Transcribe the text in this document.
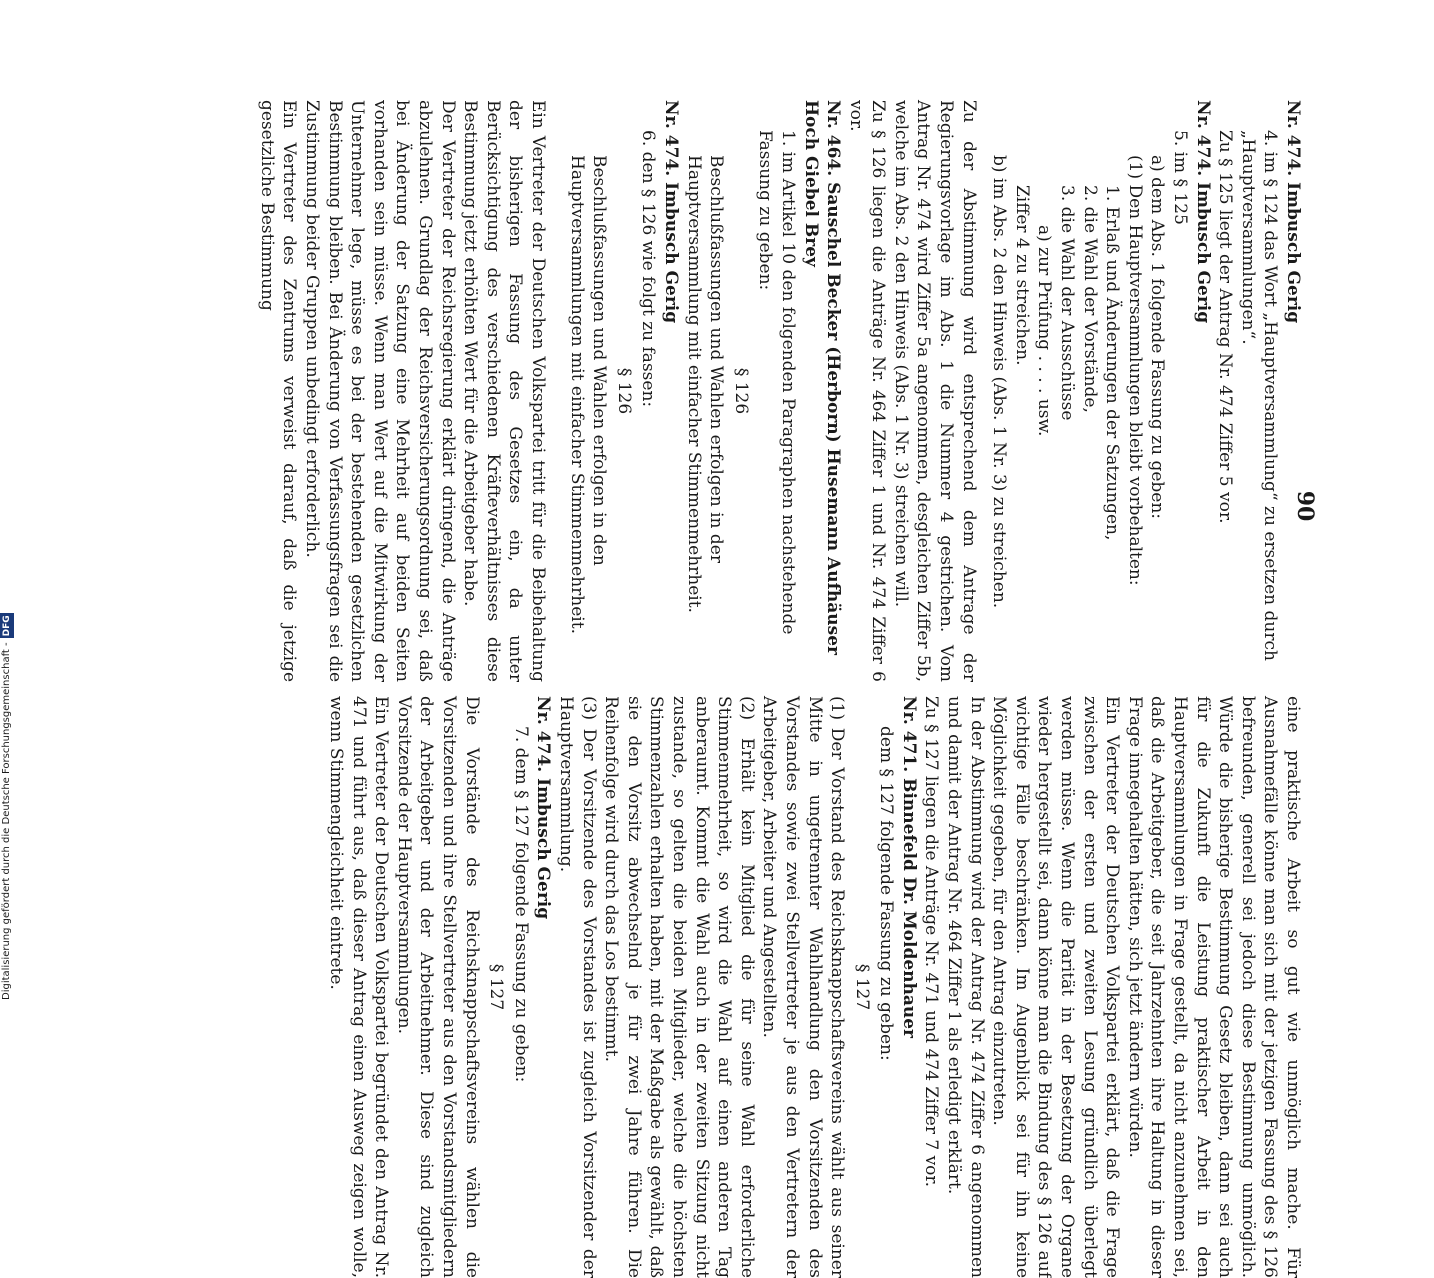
90
Nr. 474. Imbusch Gerig
4. im § 124 das Wort „Hauptversammlung“ zu ersetzen durch „Hauptversammlungen“.
Zu § 125 liegt der Antrag Nr. 474 Ziffer 5 vor.
Nr. 474. Imbusch Gerig
5. im § 125
a) dem Abs. 1 folgende Fassung zu geben:
(1) Den Hauptversammlungen bleibt vorbehalten:
1. Erlaß und Änderungen der Satzungen,
2. die Wahl der Vorstände,
3. die Wahl der Ausschüsse
a) zur Prüfung . . . . usw.
Ziffer 4 zu streichen.
b) im Abs. 2 den Hinweis (Abs. 1 Nr. 3) zu streichen.
Zu der Abstimmung wird entsprechend dem Antrage der Regierungsvorlage im Abs. 1 die Nummer 4 gestrichen. Vom Antrag Nr. 474 wird Ziffer 5a angenommen, desgleichen Ziffer 5b, welche im Abs. 2 den Hinweis (Abs. 1 Nr. 3) streichen will.
Zu § 126 liegen die Anträge Nr. 464 Ziffer 1 und Nr. 474 Ziffer 6 vor.
Nr. 464. Sauschel Becker (Herborn) Husemann Aufhäuser Hoch Giebel Brey
1. im Artikel 10 den folgenden Paragraphen nachstehende Fassung zu geben:
§ 126
Beschlußfassungen und Wahlen erfolgen in der Hauptversammlung mit einfacher Stimmenmehrheit.
Nr. 474. Imbusch Gerig
6. den § 126 wie folgt zu fassen:
§ 126
Beschlußfassungen und Wahlen erfolgen in den Hauptversammlungen mit einfacher Stimmenmehrheit.
Ein Vertreter der Deutschen Volkspartei tritt für die Beibehaltung der bisherigen Fassung des Gesetzes ein, da unter Berücksichtigung des verschiedenen Kräfteverhältnisses diese Bestimmung jetzt erhöhten Wert für die Arbeitgeber habe.
Der Vertreter der Reichsregierung erklärt dringend, die Anträge abzulehnen. Grundlag der Reichsversicherungsordnung sei, daß bei Änderung der Satzung eine Mehrheit auf beiden Seiten vorhanden sein müsse. Wenn man Wert auf die Mitwirkung der Unternehmer lege, müsse es bei der bestehenden gesetzlichen Bestimmung bleiben. Bei Änderung von Verfassungsfragen sei die Zustimmung beider Gruppen unbedingt erforderlich.
Ein Vertreter des Zentrums verweist darauf, daß die jetzige gesetzliche Bestimmung
eine praktische Arbeit so gut wie unmöglich mache. Für Ausnahmefälle könne man sich mit der jetzigen Fassung des § 126 befreunden, generell sei jedoch diese Bestimmung unmöglich. Würde die bisherige Bestimmung Gesetz bleiben, dann sei auch für die Zukunft die Leistung praktischer Arbeit in den Hauptversammlungen in Frage gestellt, da nicht anzunehmen sei, daß die Arbeitgeber, die seit Jahrzehnten ihre Haltung in dieser Frage innegehalten hätten, sich jetzt ändern würden.
Ein Vertreter der Deutschen Volkspartei erklärt, daß die Frage zwischen der ersten und zweiten Lesung gründlich überlegt werden müsse. Wenn die Parität in der Besetzung der Organe wieder hergestellt sei, dann könne man die Bindung des § 126 auf wichtige Fälle beschränken. Im Augenblick sei für ihn keine Möglichkeit gegeben, für den Antrag einzutreten.
In der Abstimmung wird der Antrag Nr. 474 Ziffer 6 angenommen und damit der Antrag Nr. 464 Ziffer 1 als erledigt erklärt.
Zu § 127 liegen die Anträge Nr. 471 und 474 Ziffer 7 vor.
Nr. 471. Binnefeld Dr. Moldenhauer
dem § 127 folgende Fassung zu geben:
§ 127
(1) Der Vorstand des Reichsknappschaftsvereins wählt aus seiner Mitte in ungetrennter Wahlhandlung den Vorsitzenden des Vorstandes sowie zwei Stellvertreter je aus den Vertretern der Arbeitgeber, Arbeiter und Angestellten.
(2) Erhält kein Mitglied die für seine Wahl erforderliche Stimmenmehrheit, so wird die Wahl auf einen anderen Tag anberaumt. Kommt die Wahl auch in der zweiten Sitzung nicht zustande, so gelten die beiden Mitglieder, welche die höchsten Stimmenzahlen erhalten haben, mit der Maßgabe als gewählt, daß sie den Vorsitz abwechselnd je für zwei Jahre führen. Die Reihenfolge wird durch das Los bestimmt.
(3) Der Vorsitzende des Vorstandes ist zugleich Vorsitzender der Hauptversammlung.
Nr. 474. Imbusch Gerig
7. dem § 127 folgende Fassung zu geben:
§ 127
Die Vorstände des Reichsknappschaftsvereins wählen die Vorsitzenden und ihre Stellvertreter aus den Vorstandsmitgliedern der Arbeitgeber und der Arbeitnehmer. Diese sind zugleich Vorsitzende der Hauptversammlungen.
Ein Vertreter der Deutschen Volkspartei begründet den Antrag Nr. 471 und führt aus, daß dieser Antrag einen Ausweg zeigen wolle, wenn Stimmengleichheit eintrete.
Digitalisierung gefördert durch die Deutsche Forschungsgemeinschaft -DFG
